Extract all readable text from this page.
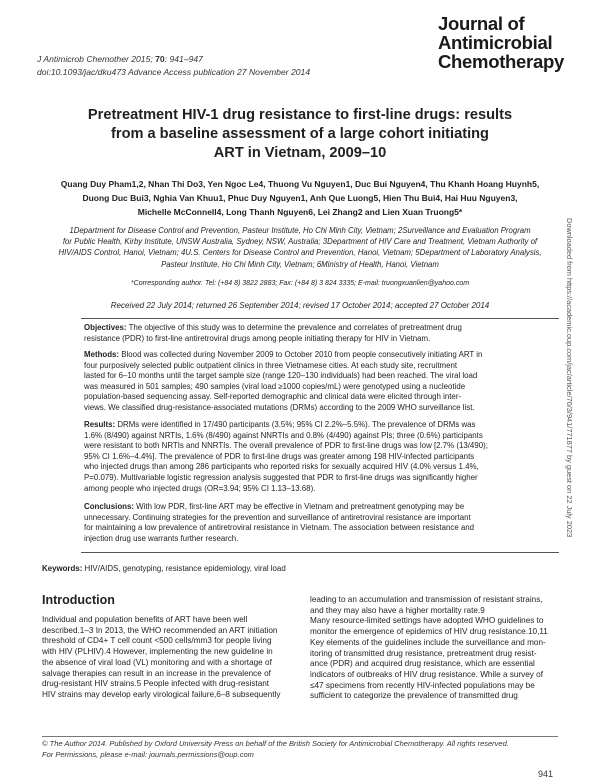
J Antimicrob Chemother 2015; 70: 941–947
doi:10.1093/jac/dku473 Advance Access publication 27 November 2014
Journal of
Antimicrobial
Chemotherapy
Pretreatment HIV-1 drug resistance to first-line drugs: results
from a baseline assessment of a large cohort initiating
ART in Vietnam, 2009–10
Quang Duy Pham1,2, Nhan Thi Do3, Yen Ngoc Le4, Thuong Vu Nguyen1, Duc Bui Nguyen4, Thu Khanh Hoang Huynh5,
Duong Duc Bui3, Nghia Van Khuu1, Phuc Duy Nguyen1, Anh Que Luong5, Hien Thu Bui4, Hai Huu Nguyen3,
Michelle McConnell4, Long Thanh Nguyen6, Lei Zhang2 and Lien Xuan Truong5*
1Department for Disease Control and Prevention, Pasteur Institute, Ho Chi Minh City, Vietnam; 2Surveillance and Evaluation Program
for Public Health, Kirby Institute, UNSW Australia, Sydney, NSW, Australia; 3Department of HIV Care and Treatment, Vietnam Authority of
HIV/AIDS Control, Hanoi, Vietnam; 4U.S. Centers for Disease Control and Prevention, Hanoi, Vietnam; 5Department of Laboratory Analysis,
Pasteur Institute, Ho Chi Minh City, Vietnam; 6Ministry of Health, Hanoi, Vietnam
*Corresponding author. Tel: (+84 8) 3822 2883; Fax: (+84 8) 3 824 3335; E-mail: truongxuanlien@yahoo.com
Received 22 July 2014; returned 26 September 2014; revised 17 October 2014; accepted 27 October 2014
Objectives: The objective of this study was to determine the prevalence and correlates of pretreatment drug
resistance (PDR) to first-line antiretroviral drugs among people initiating therapy for HIV in Vietnam.
Methods: Blood was collected during November 2009 to October 2010 from people consecutively initiating ART in
four purposively selected public outpatient clinics in three Vietnamese cities. At each study site, recruitment
lasted for 6–10 months until the target sample size (range 120–130 individuals) had been reached. The viral load
was measured in 501 samples; 490 samples (viral load ≥1000 copies/mL) were genotyped using a nucleotide
population-based sequencing assay. Self-reported demographic and clinical data were elicited through inter-
views. We classified drug-resistance-associated mutations (DRMs) according to the 2009 WHO surveillance list.
Results: DRMs were identified in 17/490 participants (3.5%; 95% CI 2.2%–5.5%). The prevalence of DRMs was
1.6% (8/490) against NRTIs, 1.6% (8/490) against NNRTIs and 0.8% (4/490) against PIs; three (0.6%) participants
were resistant to both NRTIs and NNRTIs. The overall prevalence of PDR to first-line drugs was low [2.7% (13/490);
95% CI 1.6%–4.4%]. The prevalence of PDR to first-line drugs was greater among 198 HIV-infected participants
who injected drugs than among 286 participants who reported risks for sexually acquired HIV (4.0% versus 1.4%,
P=0.079). Multivariable logistic regression analysis suggested that PDR to first-line drugs was significantly higher
among people who injected drugs (OR=3.94; 95% CI 1.13–13.68).
Conclusions: With low PDR, first-line ART may be effective in Vietnam and pretreatment genotyping may be
unnecessary. Continuing strategies for the prevention and surveillance of antiretroviral resistance are important
for maintaining a low prevalence of antiretroviral resistance in Vietnam. The association between resistance and
injection drug use warrants further research.
Keywords: HIV/AIDS, genotyping, resistance epidemiology, viral load
Introduction
Individual and population benefits of ART have been well
described.1–3 In 2013, the WHO recommended an ART initiation
threshold of CD4+ T cell count <500 cells/mm3 for people living
with HIV (PLHIV).4 However, implementing the new guideline in
the absence of viral load (VL) monitoring and with a shortage of
salvage therapies can result in an increase in the prevalence of
drug-resistant HIV strains.5 People infected with drug-resistant
HIV strains may develop early virological failure,6–8 subsequently
leading to an accumulation and transmission of resistant strains,
and they may also have a higher mortality rate.9
Many resource-limited settings have adopted WHO guidelines to
monitor the emergence of epidemics of HIV drug resistance.10,11
Key elements of the guidelines include the surveillance and mon-
itoring of transmitted drug resistance, pretreatment drug resist-
ance (PDR) and acquired drug resistance, which are essential
indicators of outbreaks of HIV drug resistance. While a survey of
≤47 specimens from recently HIV-infected populations may be
sufficient to categorize the prevalence of transmitted drug
© The Author 2014. Published by Oxford University Press on behalf of the British Society for Antimicrobial Chemotherapy. All rights reserved.
For Permissions, please e-mail: journals.permissions@oup.com
941
Downloaded from https://academic.oup.com/jac/article/70/3/941/771877 by guest on 22 July 2023
